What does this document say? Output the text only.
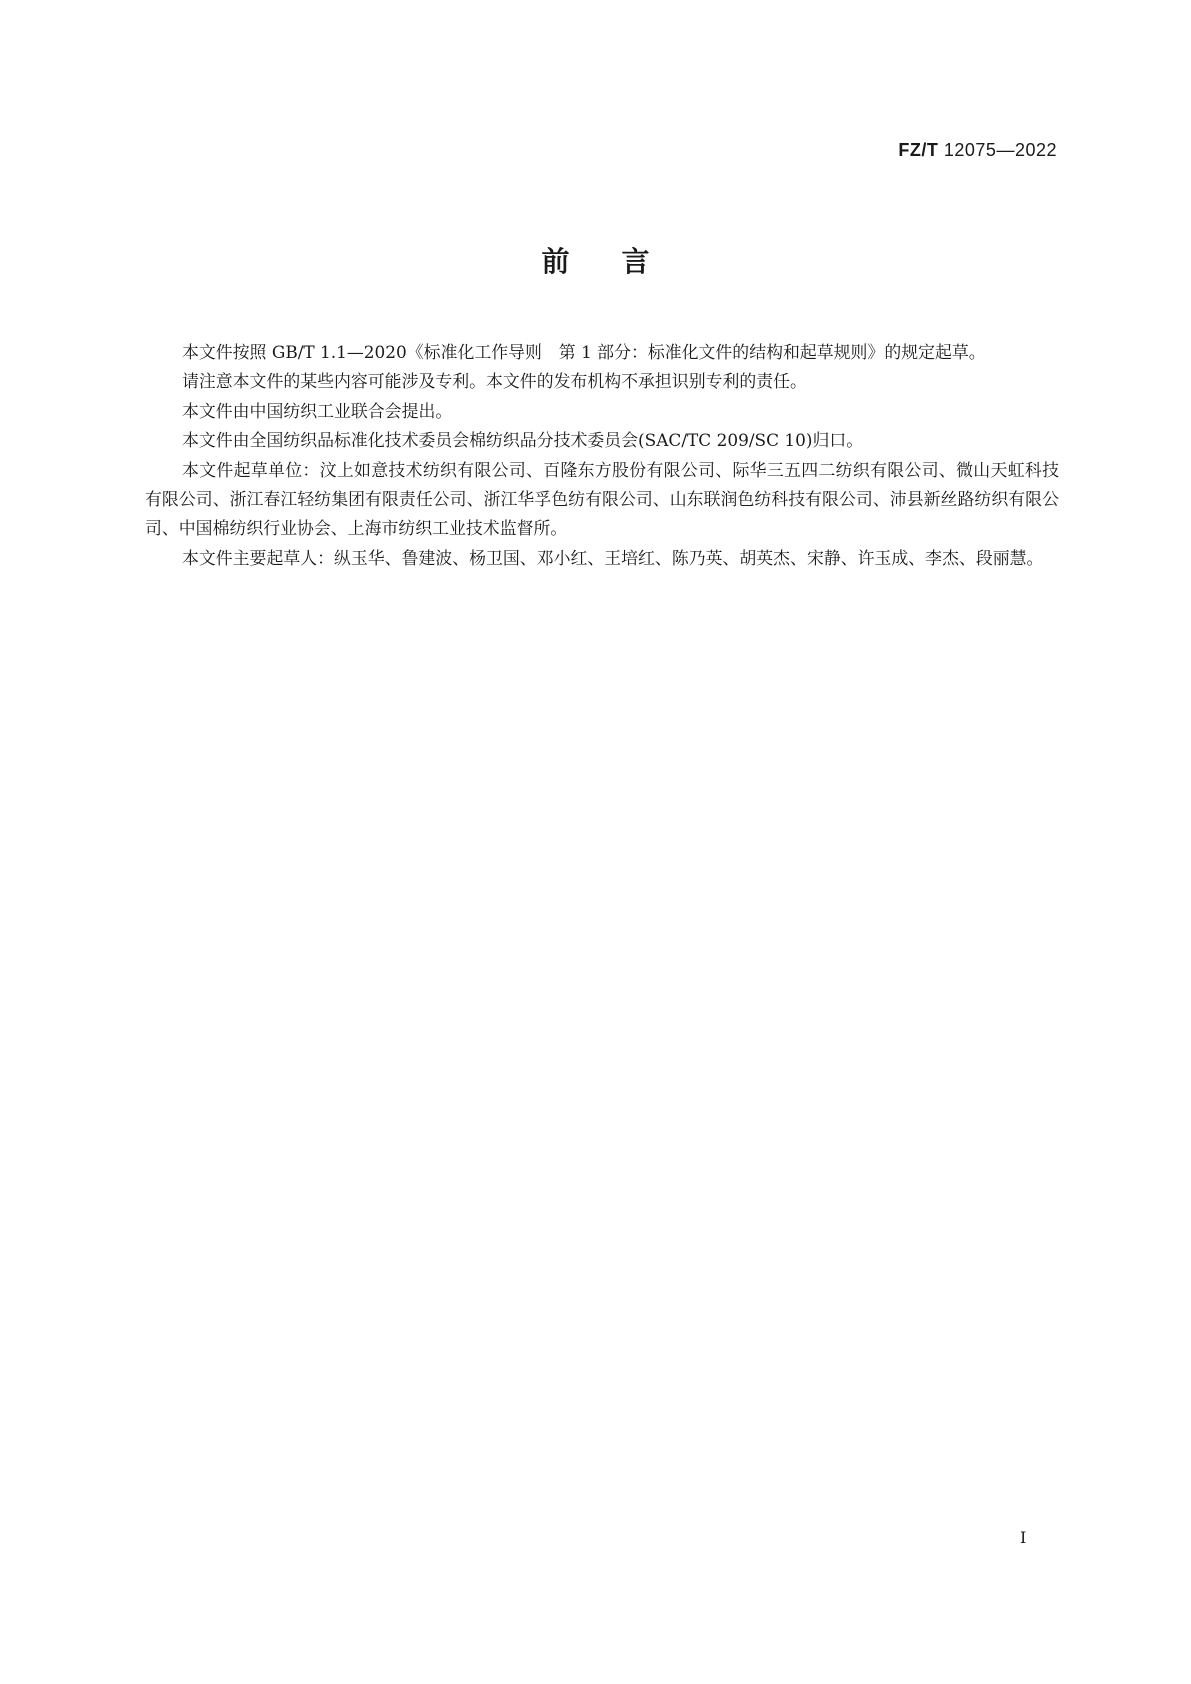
FZ/T 12075—2022
前言

本文件按照 GB/T 1.1—2020《标准化工作导则　第 1 部分：标准化文件的结构和起草规则》的规定起草。

请注意本文件的某些内容可能涉及专利。本文件的发布机构不承担识别专利的责任。

本文件由中国纺织工业联合会提出。

本文件由全国纺织品标准化技术委员会棉纺织品分技术委员会(SAC/TC 209/SC 10)归口。

本文件起草单位：汶上如意技术纺织有限公司、百隆东方股份有限公司、际华三五四二纺织有限公司、微山天虹科技有限公司、浙江春江轻纺集团有限责任公司、浙江华孚色纺有限公司、山东联润色纺科技有限公司、沛县新丝路纺织有限公司、中国棉纺织行业协会、上海市纺织工业技术监督所。

本文件主要起草人：纵玉华、鲁建波、杨卫国、邓小红、王培红、陈乃英、胡英杰、宋静、许玉成、李杰、段丽慧。

I
